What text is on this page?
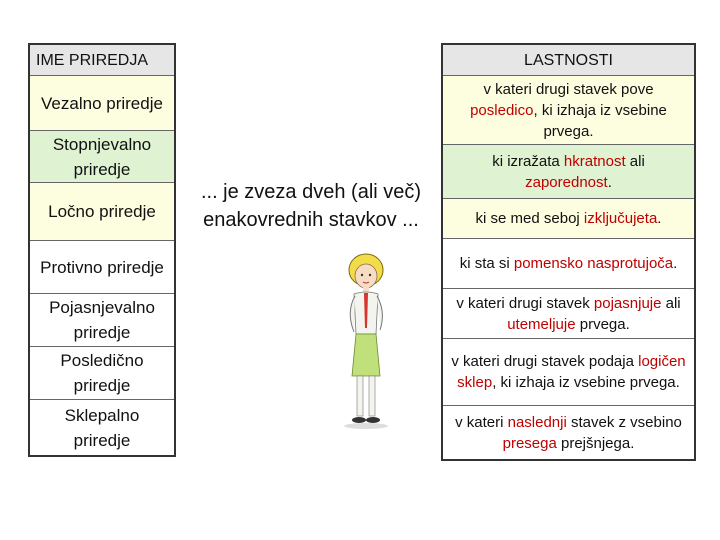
IME PRIREDJA
Vezalno priredje
Stopnjevalno priredje
Ločno priredje
Protivno priredje
Pojasnjevalno priredje
Posledično priredje
Sklepalno priredje
... je zveza dveh (ali več)
enakovrednih stavkov ...
LASTNOSTI
v kateri drugi stavek pove posledico, ki izhaja iz vsebine prvega.
ki izražata hkratnost ali zaporednost.
ki se med seboj izključujeta.
ki sta si pomensko nasprotujoča.
v kateri drugi stavek pojasnjuje ali utemeljuje prvega.
v kateri drugi stavek podaja logičen sklep, ki izhaja iz vsebine prvega.
v kateri naslednji stavek z vsebino presega prejšnjega.
